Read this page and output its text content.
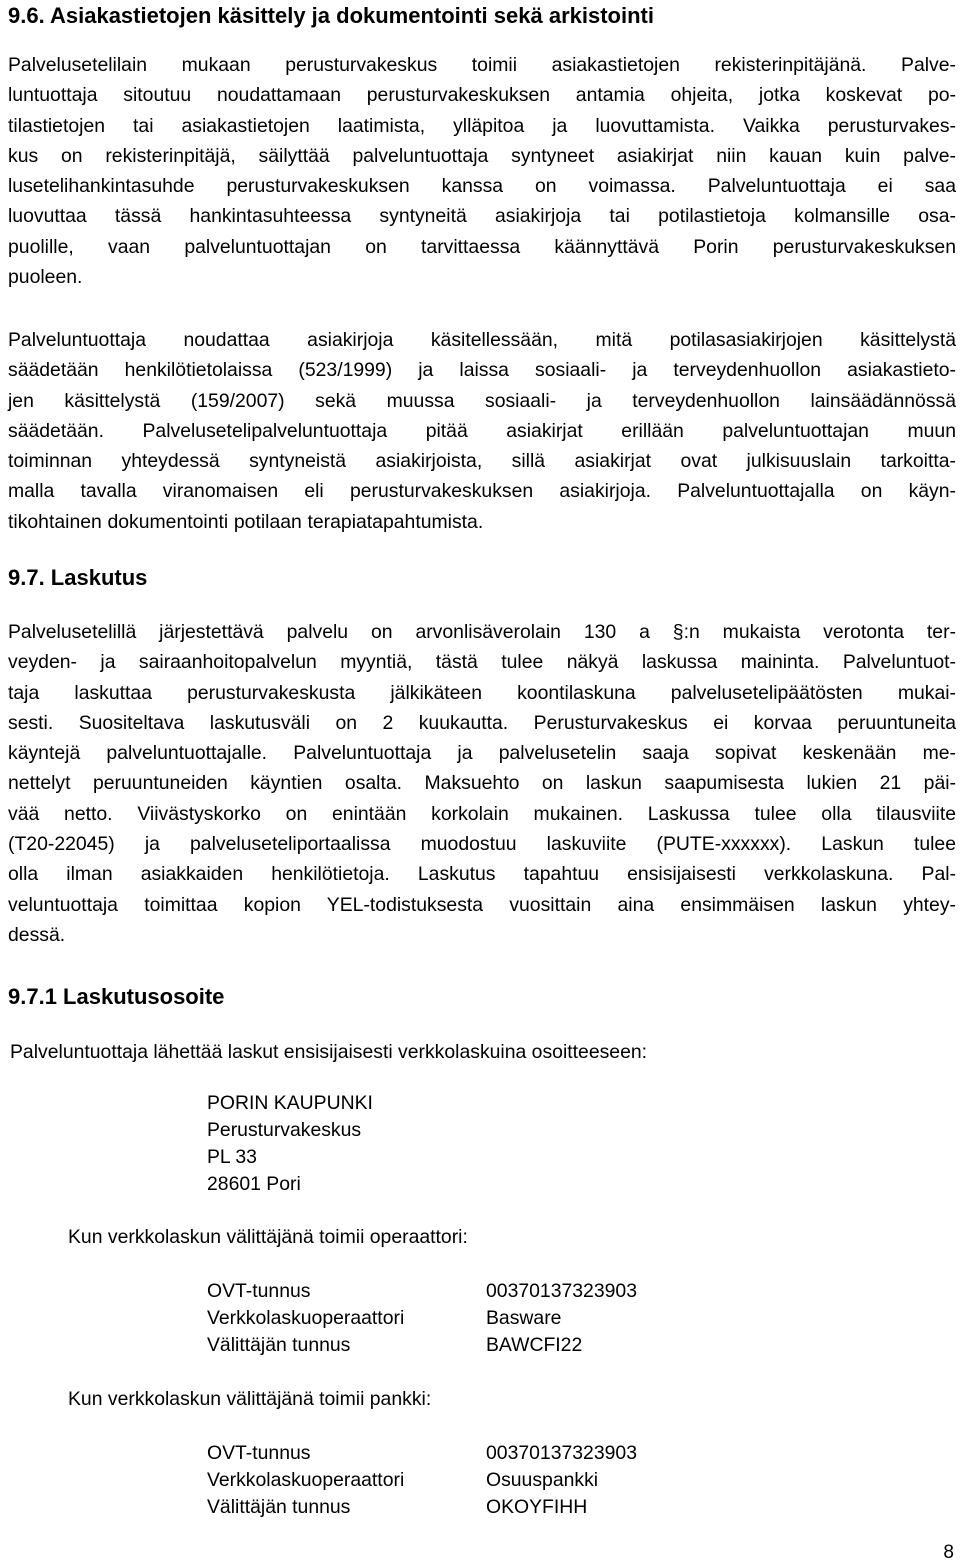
9.6. Asiakastietojen käsittely ja dokumentointi sekä arkistointi
Palvelusetelilain mukaan perusturvakeskus toimii asiakastietojen rekisterinpitäjänä. Palve-
luntuottaja sitoutuu noudattamaan perusturvakeskuksen antamia ohjeita, jotka koskevat po-
tilastietojen tai asiakastietojen laatimista, ylläpitoa ja luovuttamista. Vaikka perusturvakes-
kus on rekisterinpitäjä, säilyttää palveluntuottaja syntyneet asiakirjat niin kauan kuin palve-
lusetelihankintasuhde perusturvakeskuksen kanssa on voimassa. Palveluntuottaja ei saa
luovuttaa tässä hankintasuhteessa syntyneitä asiakirjoja tai potilastietoja kolmansille osa-
puolille, vaan palveluntuottajan on tarvittaessa käännyttävä Porin perusturvakeskuksen
puoleen.
Palveluntuottaja noudattaa asiakirjoja käsitellessään, mitä potilasasiakirjojen käsittelystä
säädetään henkilötietolaissa (523/1999) ja laissa sosiaali- ja terveydenhuollon asiakastieto-
jen käsittelystä (159/2007) sekä muussa sosiaali- ja terveydenhuollon lainsäädännössä
säädetään. Palvelusetelipalveluntuottaja pitää asiakirjat erillään palveluntuottajan muun
toiminnan yhteydessä syntyneistä asiakirjoista, sillä asiakirjat ovat julkisuuslain tarkoitta-
malla tavalla viranomaisen eli perusturvakeskuksen asiakirjoja. Palveluntuottajalla on käyn-
tikohtainen dokumentointi potilaan terapiatapahtumista.
9.7. Laskutus
Palvelusetelillä järjestettävä palvelu on arvonlisäverolain 130 a §:n mukaista verotonta ter-
veyden- ja sairaanhoitopalvelun myyntiä, tästä tulee näkyä laskussa maininta. Palveluntuot-
taja laskuttaa perusturvakeskusta jälkikäteen koontilaskuna palvelusetelipäätösten mukai-
sesti. Suositeltava laskutusväli on 2 kuukautta. Perusturvakeskus ei korvaa peruuntuneita
käyntejä palveluntuottajalle. Palveluntuottaja ja palvelusetelin saaja sopivat keskenään me-
nettelyt peruuntuneiden käyntien osalta. Maksuehto on laskun saapumisesta lukien 21 päi-
vää netto. Viivästyskorko on enintään korkolain mukainen. Laskussa tulee olla tilausviite
(T20-22045) ja palveluseteliportaalissa muodostuu laskuviite (PUTE-xxxxxx). Laskun tulee
olla ilman asiakkaiden henkilötietoja. Laskutus tapahtuu ensisijaisesti verkkolaskuna. Pal-
veluntuottaja toimittaa kopion YEL-todistuksesta vuosittain aina ensimmäisen laskun yhtey-
dessä.
9.7.1 Laskutusosoite

Palveluntuottaja lähettää laskut ensisijaisesti verkkolaskuina osoitteeseen:

PORIN KAUPUNKI
Perusturvakeskus
PL 33
28601 Pori

Kun verkkolaskun välittäjänä toimii operaattori:

OVT-tunnus	00370137323903
Verkkolaskuoperaattori	Basware
Välittäjän tunnus	BAWCFI22

Kun verkkolaskun välittäjänä toimii pankki:

OVT-tunnus	00370137323903
Verkkolaskuoperaattori	Osuuspankki
Välittäjän tunnus	OKOYFIHH
8
